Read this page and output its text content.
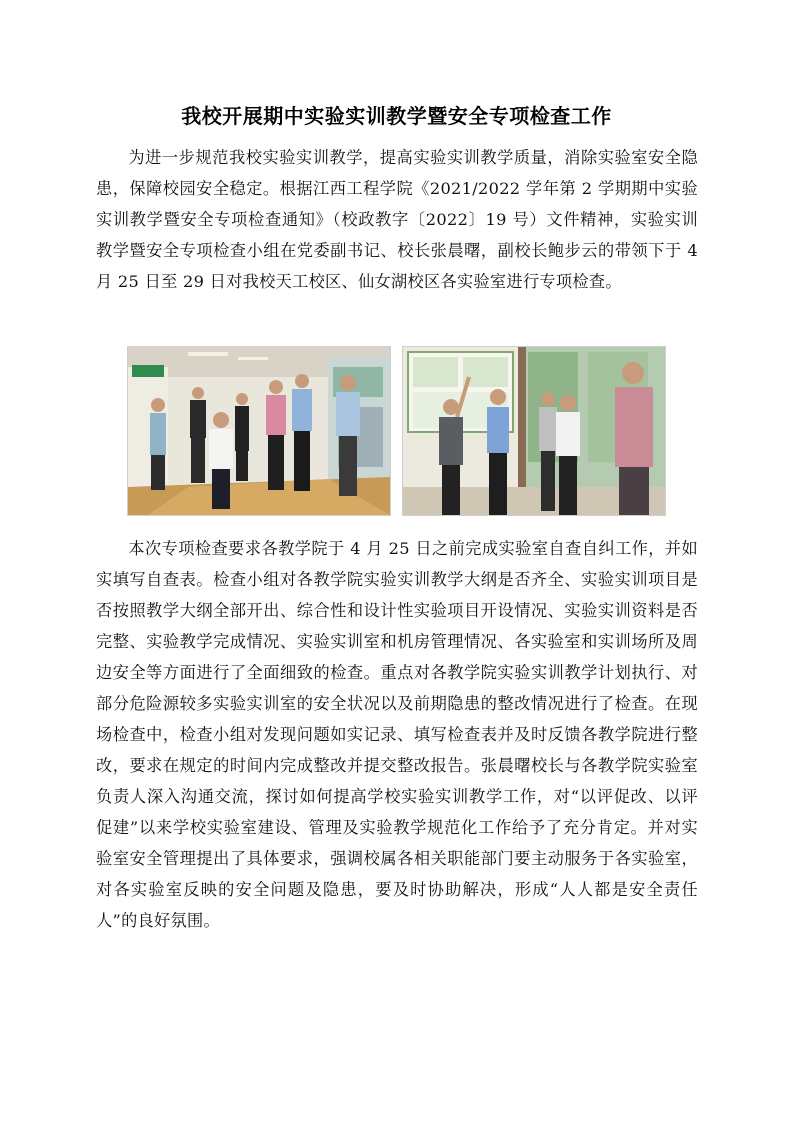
我校开展期中实验实训教学暨安全专项检查工作

为进一步规范我校实验实训教学，提高实验实训教学质量，消除实验室安全隐患，保障校园安全稳定。根据江西工程学院《2021/2022 学年第 2 学期期中实验实训教学暨安全专项检查通知》（校政教字〔2022〕19 号）文件精神，实验实训教学暨安全专项检查小组在党委副书记、校长张晨曙，副校长鲍步云的带领下于 4 月 25 日至 29 日对我校天工校区、仙女湖校区各实验室进行专项检查。

本次专项检查要求各教学院于 4 月 25 日之前完成实验室自查自纠工作，并如实填写自查表。检查小组对各教学院实验实训教学大纲是否齐全、实验实训项目是否按照教学大纲全部开出、综合性和设计性实验项目开设情况、实验实训资料是否完整、实验教学完成情况、实验实训室和机房管理情况、各实验室和实训场所及周边安全等方面进行了全面细致的检查。重点对各教学院实验实训教学计划执行、对部分危险源较多实验实训室的安全状况以及前期隐患的整改情况进行了检查。在现场检查中，检查小组对发现问题如实记录、填写检查表并及时反馈各教学院进行整改，要求在规定的时间内完成整改并提交整改报告。张晨曙校长与各教学院实验室负责人深入沟通交流，探讨如何提高学校实验实训教学工作，对“以评促改、以评促建”以来学校实验室建设、管理及实验教学规范化工作给予了充分肯定。并对实验室安全管理提出了具体要求，强调校属各相关职能部门要主动服务于各实验室，对各实验室反映的安全问题及隐患，要及时协助解决，形成“人人都是安全责任人”的良好氛围。
